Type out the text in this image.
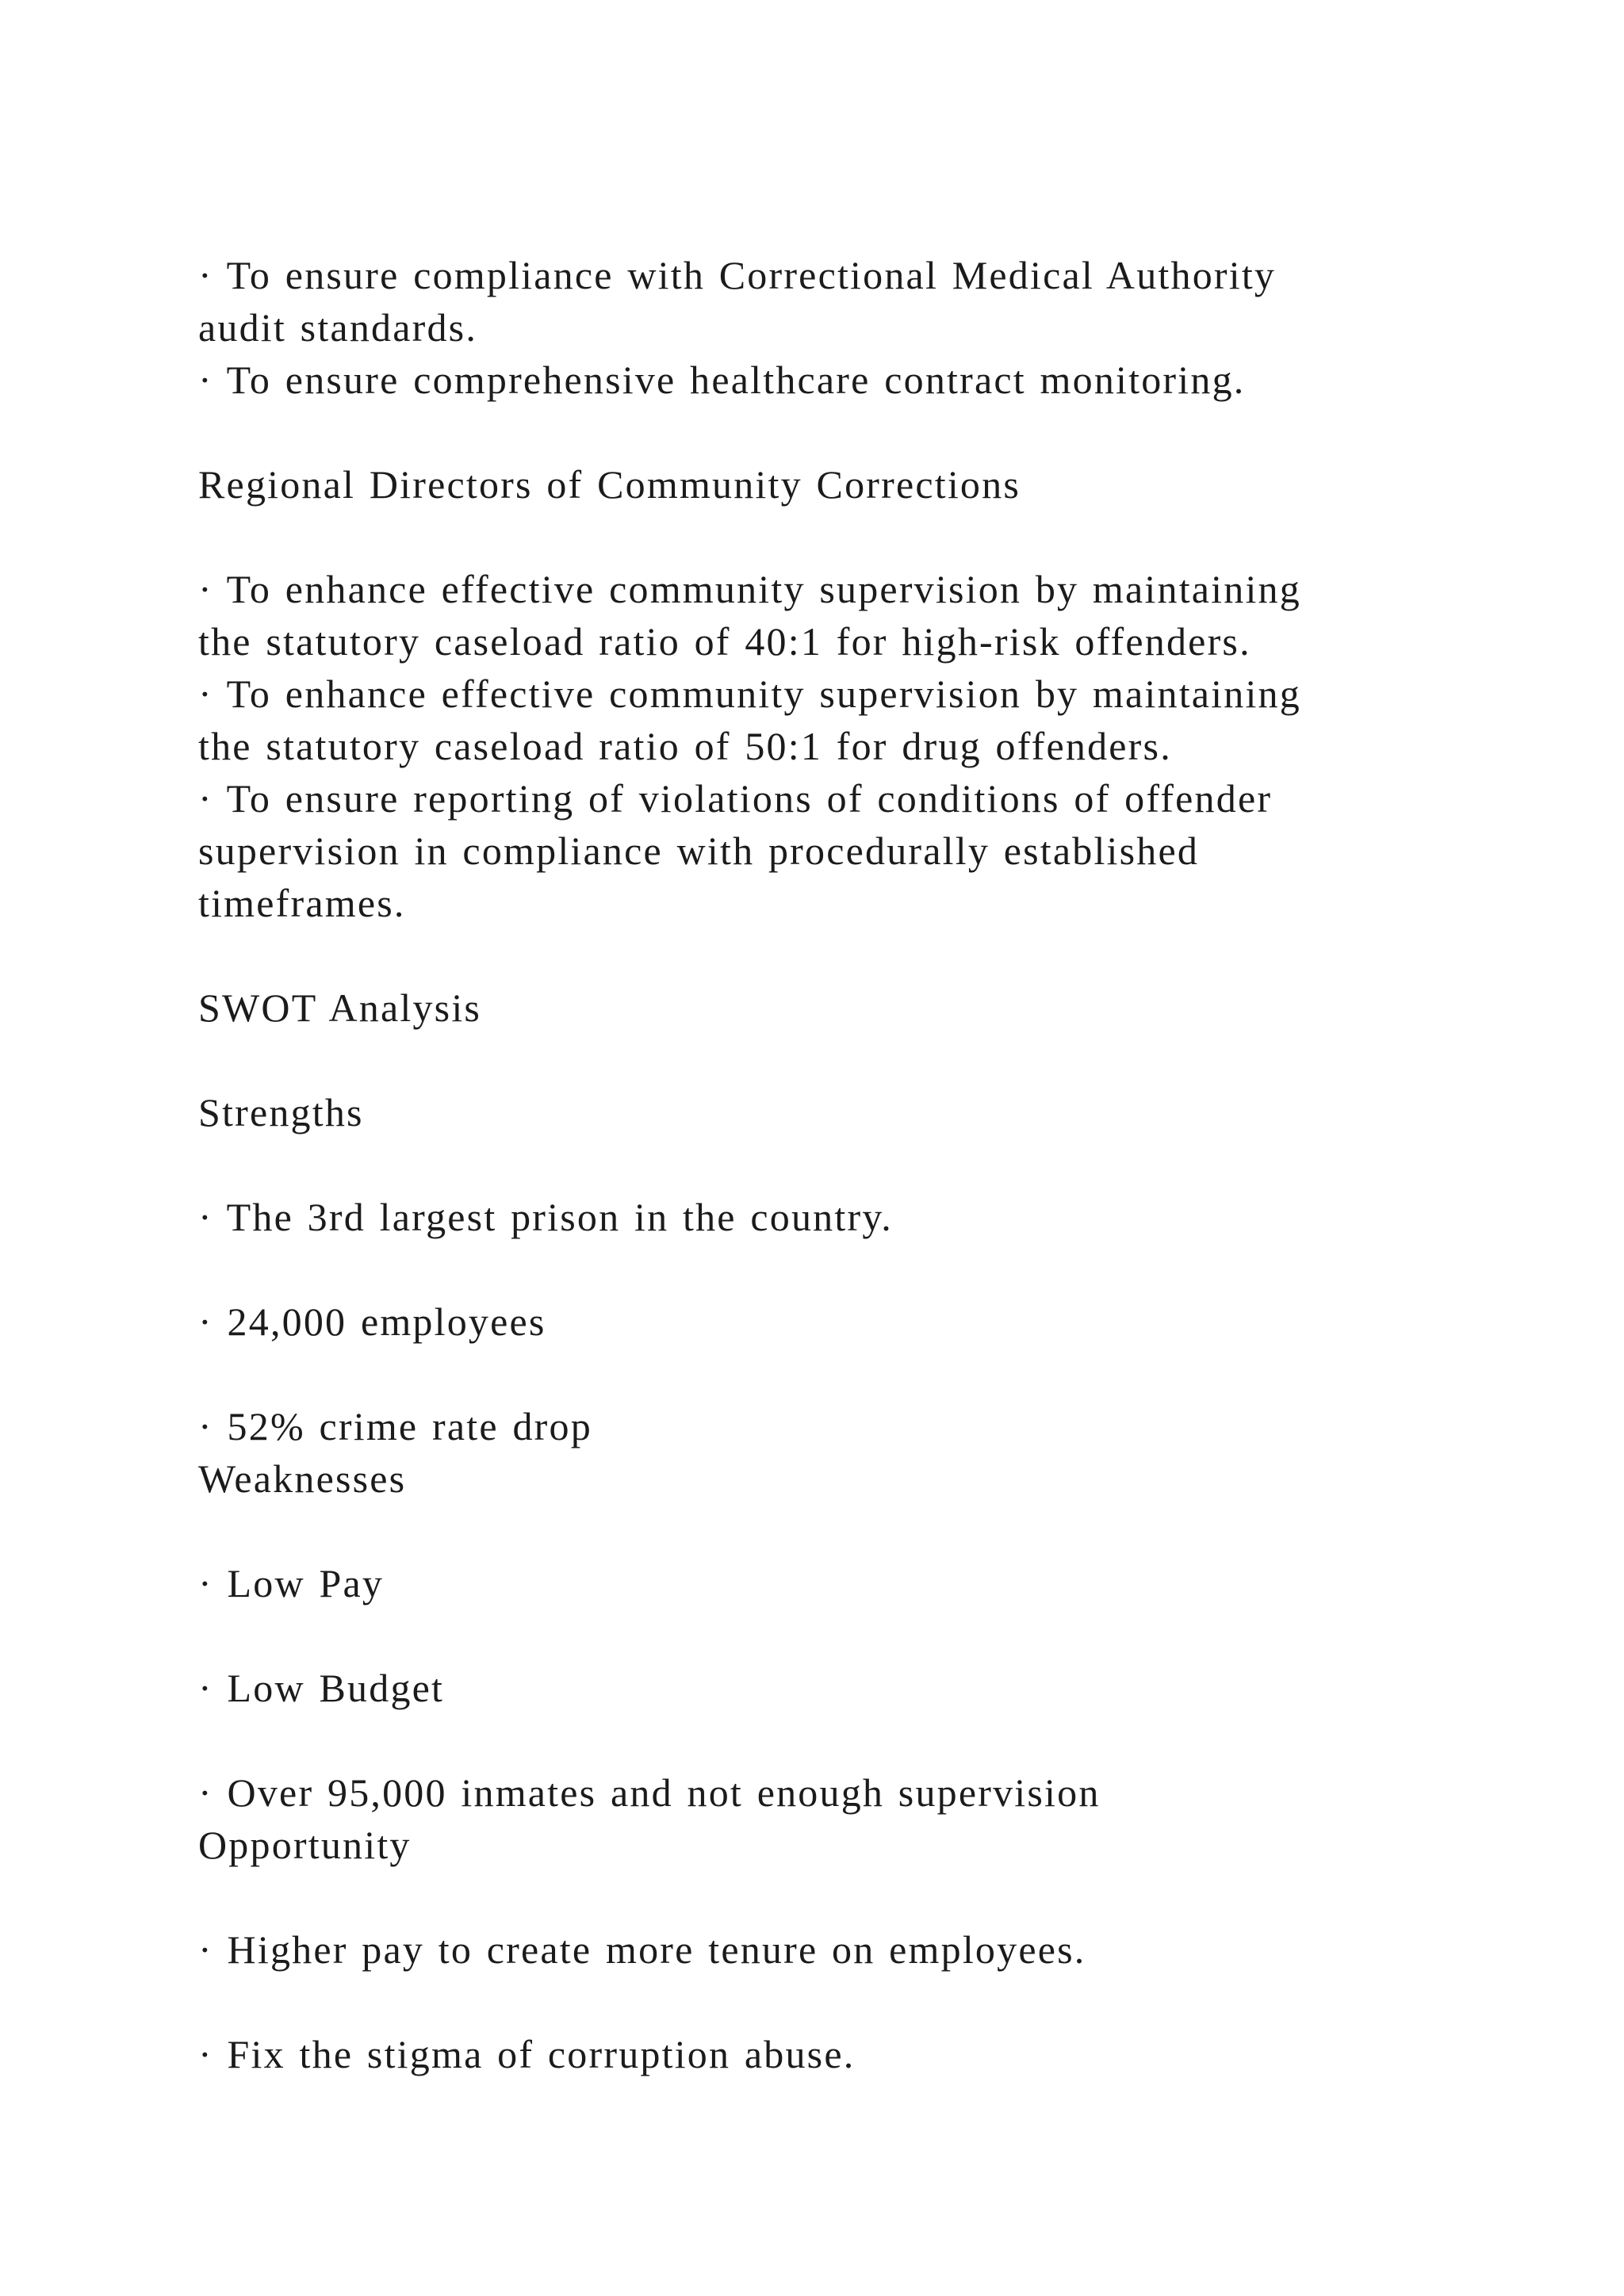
· To ensure compliance with Correctional Medical Authority
audit standards.
· To ensure comprehensive healthcare contract monitoring.
Regional Directors of Community Corrections
· To enhance effective community supervision by maintaining
the statutory caseload ratio of 40:1 for high-risk offenders.
· To enhance effective community supervision by maintaining
the statutory caseload ratio of 50:1 for drug offenders.
· To ensure reporting of violations of conditions of offender
supervision in compliance with procedurally established
timeframes.
SWOT Analysis
Strengths
· The 3rd largest prison in the country.
· 24,000 employees
· 52% crime rate drop
Weaknesses
· Low Pay
· Low Budget
· Over 95,000 inmates and not enough supervision
Opportunity
· Higher pay to create more tenure on employees.
· Fix the stigma of corruption abuse.
